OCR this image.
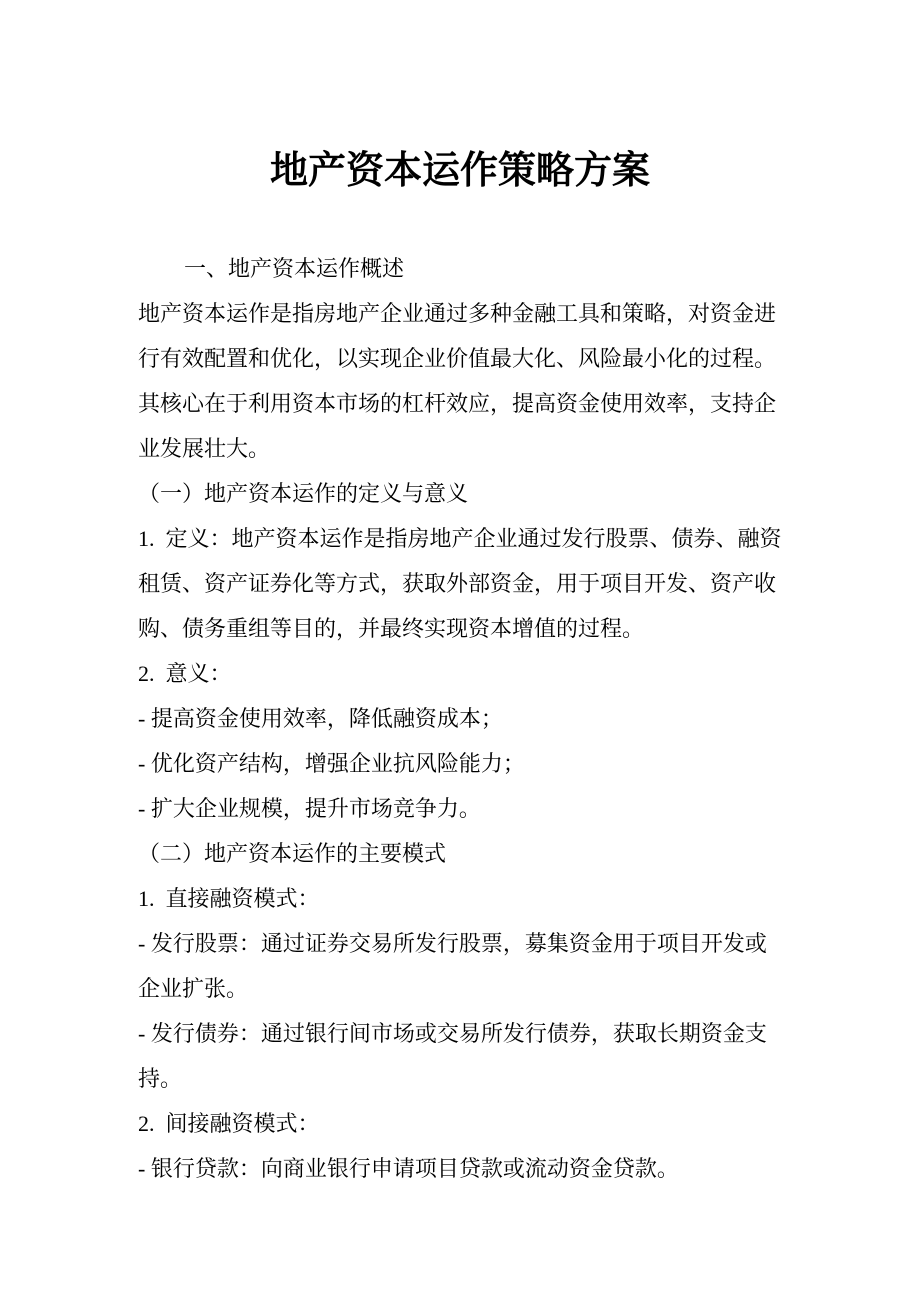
地产资本运作策略方案
一、地产资本运作概述
地产资本运作是指房地产企业通过多种金融工具和策略，对资金进
行有效配置和优化，以实现企业价值最大化、风险最小化的过程。
其核心在于利用资本市场的杠杆效应，提高资金使用效率，支持企
业发展壮大。
（一）地产资本运作的定义与意义
1.  定义：地产资本运作是指房地产企业通过发行股票、债券、融资
租赁、资产证券化等方式，获取外部资金，用于项目开发、资产收
购、债务重组等目的，并最终实现资本增值的过程。
2.  意义：
- 提高资金使用效率，降低融资成本；
- 优化资产结构，增强企业抗风险能力；
- 扩大企业规模，提升市场竞争力。
（二）地产资本运作的主要模式
1.  直接融资模式：
- 发行股票：通过证券交易所发行股票，募集资金用于项目开发或
企业扩张。
- 发行债券：通过银行间市场或交易所发行债券，获取长期资金支
持。
2.  间接融资模式：
- 银行贷款：向商业银行申请项目贷款或流动资金贷款。
